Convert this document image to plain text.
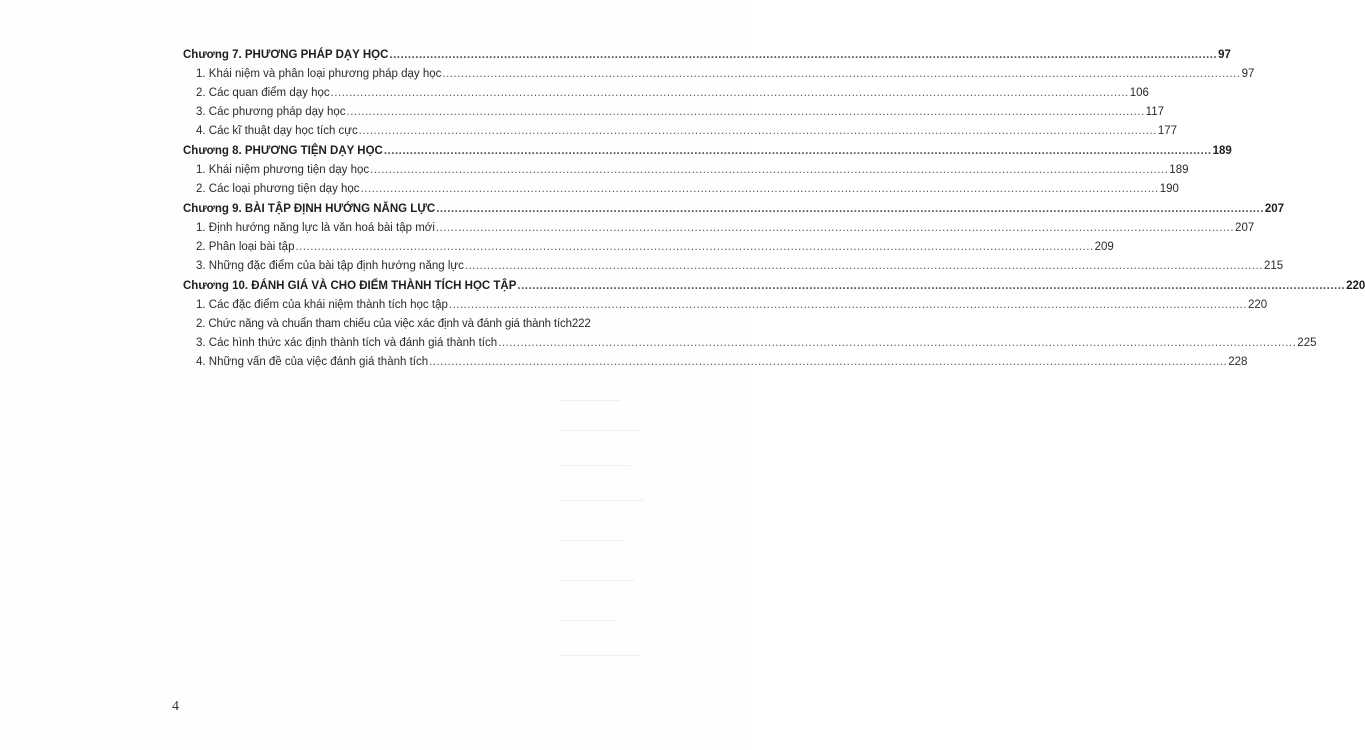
Chương 7. PHƯƠNG PHÁP DẠY HỌC .....	97
1. Khái niệm và phân loại phương pháp dạy học .....	97
2. Các quan điểm dạy học .....	106
3. Các phương pháp dạy học .....	117
4. Các kĩ thuật dạy học tích cực .....	177
Chương 8. PHƯƠNG TIỆN DẠY HỌC .....	189
1. Khái niệm phương tiện dạy học .....	189
2. Các loại phương tiện dạy học .....	190
Chương 9. BÀI TẬP ĐỊNH HƯỚNG NĂNG LỰC .....	207
1. Định hướng năng lực là văn hoá bài tập mới .....	207
2. Phân loại bài tập .....	209
3. Những đặc điểm của bài tập định hướng năng lực .....	215
Chương 10. ĐÁNH GIÁ VÀ CHO ĐIỂM THÀNH TÍCH HỌC TẬP .....	220
1. Các đặc điểm của khái niệm thành tích học tập .....	220
2. Chức năng và chuẩn tham chiếu của việc xác định và đánh giá thành tích 222
3. Các hình thức xác định thành tích và đánh giá thành tích .....	225
4. Những vấn đề của việc đánh giá thành tích .....	228
4
